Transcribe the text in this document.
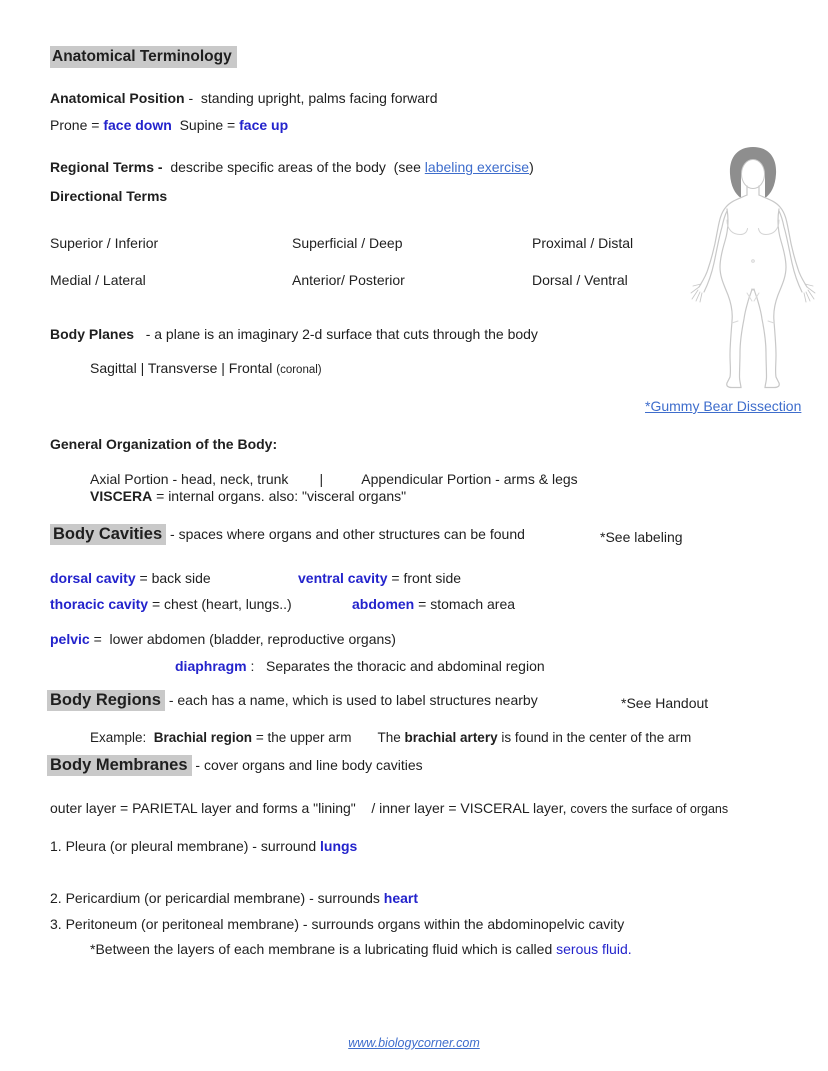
Anatomical Terminology
Anatomical Position -  standing upright, palms facing forward
Prone = face down  Supine = face up
Regional Terms -  describe specific areas of the body  (see labeling exercise)
Directional Terms

Superior / Inferior	Superficial / Deep	Proximal / Distal

Medial / Lateral	Anterior/ Posterior	Dorsal / Ventral

Body Planes   - a plane is an imaginary 2-d surface that cuts through the body
Sagittal | Transverse | Frontal (coronal)
*Gummy Bear Dissection
General Organization of the Body:
Axial Portion - head, neck, trunk        |          Appendicular Portion - arms & legs
VISCERA = internal organs. also: "visceral organs"
Body Cavities - spaces where organs and other structures can be found	*See labeling

dorsal cavity = back side	ventral cavity = front side

thoracic cavity = chest (heart, lungs..)	abdomen = stomach area

pelvic =  lower abdomen (bladder, reproductive organs)
diaphragm :   Separates the thoracic and abdominal region
Body Regions - each has a name, which is used to label structures nearby	*See Handout
Example:  Brachial region = the upper arm The brachial artery is found in the center of the arm
Body Membranes - cover organs and line body cavities
outer layer = PARIETAL layer and forms a "lining"    / inner layer = VISCERAL layer, covers the surface of organs
1. Pleura (or pleural membrane) - surround lungs
2. Pericardium (or pericardial membrane) - surrounds heart
3. Peritoneum (or peritoneal membrane) - surrounds organs within the abdominopelvic cavity
*Between the layers of each membrane is a lubricating fluid which is called serous fluid.
www.biologycorner.com
